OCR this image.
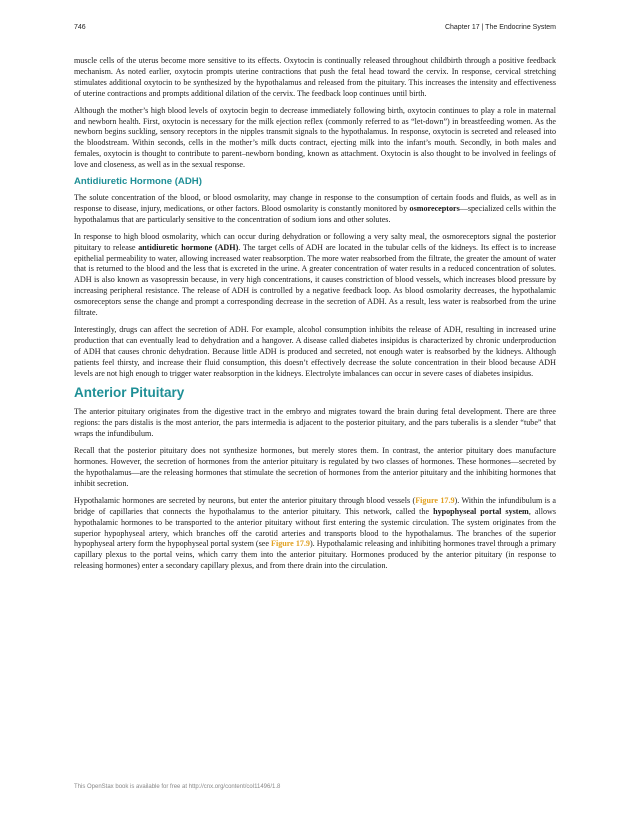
746	Chapter 17 | The Endocrine System

muscle cells of the uterus become more sensitive to its effects. Oxytocin is continually released throughout childbirth through a positive feedback mechanism. As noted earlier, oxytocin prompts uterine contractions that push the fetal head toward the cervix. In response, cervical stretching stimulates additional oxytocin to be synthesized by the hypothalamus and released from the pituitary. This increases the intensity and effectiveness of uterine contractions and prompts additional dilation of the cervix. The feedback loop continues until birth.

Although the mother’s high blood levels of oxytocin begin to decrease immediately following birth, oxytocin continues to play a role in maternal and newborn health. First, oxytocin is necessary for the milk ejection reflex (commonly referred to as “let-down”) in breastfeeding women. As the newborn begins suckling, sensory receptors in the nipples transmit signals to the hypothalamus. In response, oxytocin is secreted and released into the bloodstream. Within seconds, cells in the mother’s milk ducts contract, ejecting milk into the infant’s mouth. Secondly, in both males and females, oxytocin is thought to contribute to parent–newborn bonding, known as attachment. Oxytocin is also thought to be involved in feelings of love and closeness, as well as in the sexual response.

Antidiuretic Hormone (ADH)

The solute concentration of the blood, or blood osmolarity, may change in response to the consumption of certain foods and fluids, as well as in response to disease, injury, medications, or other factors. Blood osmolarity is constantly monitored by osmoreceptors—specialized cells within the hypothalamus that are particularly sensitive to the concentration of sodium ions and other solutes.

In response to high blood osmolarity, which can occur during dehydration or following a very salty meal, the osmoreceptors signal the posterior pituitary to release antidiuretic hormone (ADH). The target cells of ADH are located in the tubular cells of the kidneys. Its effect is to increase epithelial permeability to water, allowing increased water reabsorption. The more water reabsorbed from the filtrate, the greater the amount of water that is returned to the blood and the less that is excreted in the urine. A greater concentration of water results in a reduced concentration of solutes. ADH is also known as vasopressin because, in very high concentrations, it causes constriction of blood vessels, which increases blood pressure by increasing peripheral resistance. The release of ADH is controlled by a negative feedback loop. As blood osmolarity decreases, the hypothalamic osmoreceptors sense the change and prompt a corresponding decrease in the secretion of ADH. As a result, less water is reabsorbed from the urine filtrate.

Interestingly, drugs can affect the secretion of ADH. For example, alcohol consumption inhibits the release of ADH, resulting in increased urine production that can eventually lead to dehydration and a hangover. A disease called diabetes insipidus is characterized by chronic underproduction of ADH that causes chronic dehydration. Because little ADH is produced and secreted, not enough water is reabsorbed by the kidneys. Although patients feel thirsty, and increase their fluid consumption, this doesn’t effectively decrease the solute concentration in their blood because ADH levels are not high enough to trigger water reabsorption in the kidneys. Electrolyte imbalances can occur in severe cases of diabetes insipidus.

Anterior Pituitary

The anterior pituitary originates from the digestive tract in the embryo and migrates toward the brain during fetal development. There are three regions: the pars distalis is the most anterior, the pars intermedia is adjacent to the posterior pituitary, and the pars tuberalis is a slender “tube” that wraps the infundibulum.

Recall that the posterior pituitary does not synthesize hormones, but merely stores them. In contrast, the anterior pituitary does manufacture hormones. However, the secretion of hormones from the anterior pituitary is regulated by two classes of hormones. These hormones—secreted by the hypothalamus—are the releasing hormones that stimulate the secretion of hormones from the anterior pituitary and the inhibiting hormones that inhibit secretion.

Hypothalamic hormones are secreted by neurons, but enter the anterior pituitary through blood vessels (Figure 17.9). Within the infundibulum is a bridge of capillaries that connects the hypothalamus to the anterior pituitary. This network, called the hypophyseal portal system, allows hypothalamic hormones to be transported to the anterior pituitary without first entering the systemic circulation. The system originates from the superior hypophyseal artery, which branches off the carotid arteries and transports blood to the hypothalamus. The branches of the superior hypophyseal artery form the hypophyseal portal system (see Figure 17.9). Hypothalamic releasing and inhibiting hormones travel through a primary capillary plexus to the portal veins, which carry them into the anterior pituitary. Hormones produced by the anterior pituitary (in response to releasing hormones) enter a secondary capillary plexus, and from there drain into the circulation.

This OpenStax book is available for free at http://cnx.org/content/col11496/1.8
